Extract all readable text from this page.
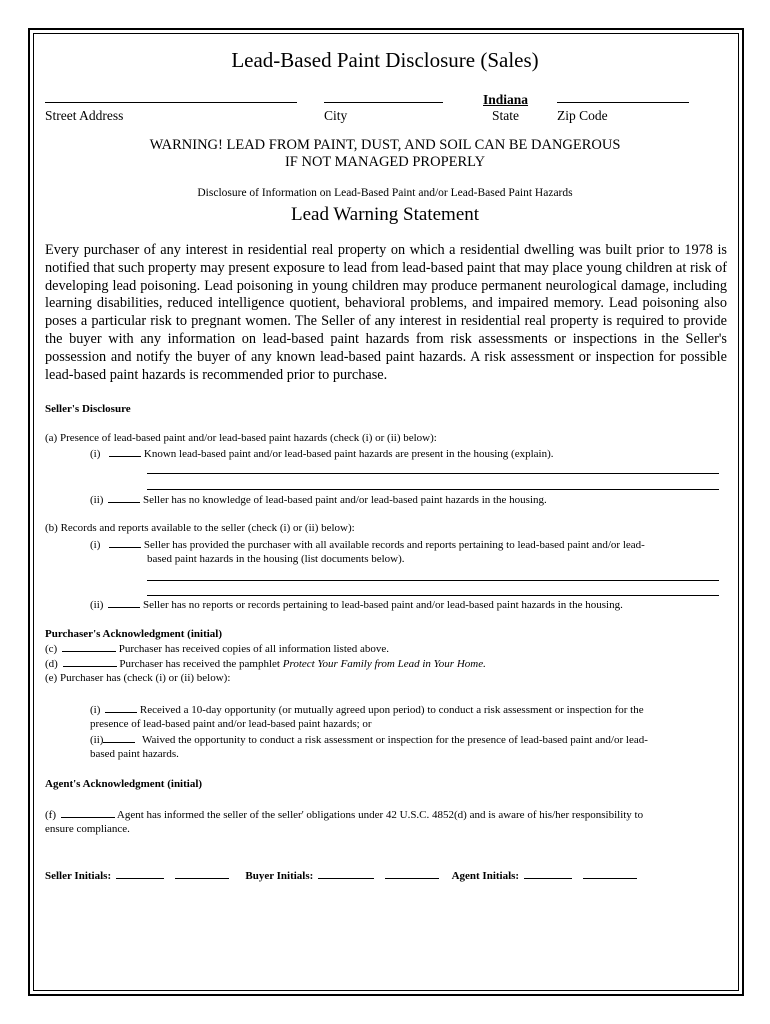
Lead-Based Paint Disclosure (Sales)
Indiana
Street Address	City	State	Zip Code
WARNING! LEAD FROM PAINT, DUST, AND SOIL CAN BE DANGEROUS
IF NOT MANAGED PROPERLY
Disclosure of Information on Lead-Based Paint and/or Lead-Based Paint Hazards
Lead Warning Statement
Every purchaser of any interest in residential real property on which a residential dwelling was built prior to 1978 is notified that such property may present exposure to lead from lead-based paint that may place young children at risk of developing lead poisoning. Lead poisoning in young children may produce permanent neurological damage, including learning disabilities, reduced intelligence quotient, behavioral problems, and impaired memory. Lead poisoning also poses a particular risk to pregnant women. The Seller of any interest in residential real property is required to provide the buyer with any information on lead-based paint hazards from risk assessments or inspections in the Seller's possession and notify the buyer of any known lead-based paint hazards. A risk assessment or inspection for possible lead-based paint hazards is recommended prior to purchase.
Seller's Disclosure
(a) Presence of lead-based paint and/or lead-based paint hazards (check (i) or (ii) below):
(i)	Known lead-based paint and/or lead-based paint hazards are present in the housing (explain).
(ii)	Seller has no knowledge of lead-based paint and/or lead-based paint hazards in the housing.
(b) Records and reports available to the seller (check (i) or (ii) below):
(i)	Seller has provided the purchaser with all available records and reports pertaining to lead-based paint and/or lead-
based paint hazards in the housing (list documents below).
(ii)	Seller has no reports or records pertaining to lead-based paint and/or lead-based paint hazards in the housing.
Purchaser's Acknowledgment (initial)
(c)	Purchaser has received copies of all information listed above.
(d)	Purchaser has received the pamphlet Protect Your Family from Lead in Your Home.
(e) Purchaser has (check (i) or (ii) below):
(i)	Received a 10-day opportunity (or mutually agreed upon period) to conduct a risk assessment or inspection for the
presence of lead-based paint and/or lead-based paint hazards; or
(ii)	Waived the opportunity to conduct a risk assessment or inspection for the presence of lead-based paint and/or lead-
based paint hazards.
Agent's Acknowledgment (initial)
(f)	Agent has informed the seller of the seller' obligations under 42 U.S.C. 4852(d) and is aware of his/her responsibility to
ensure compliance.
Seller Initials:	Buyer Initials:	Agent Initials:
